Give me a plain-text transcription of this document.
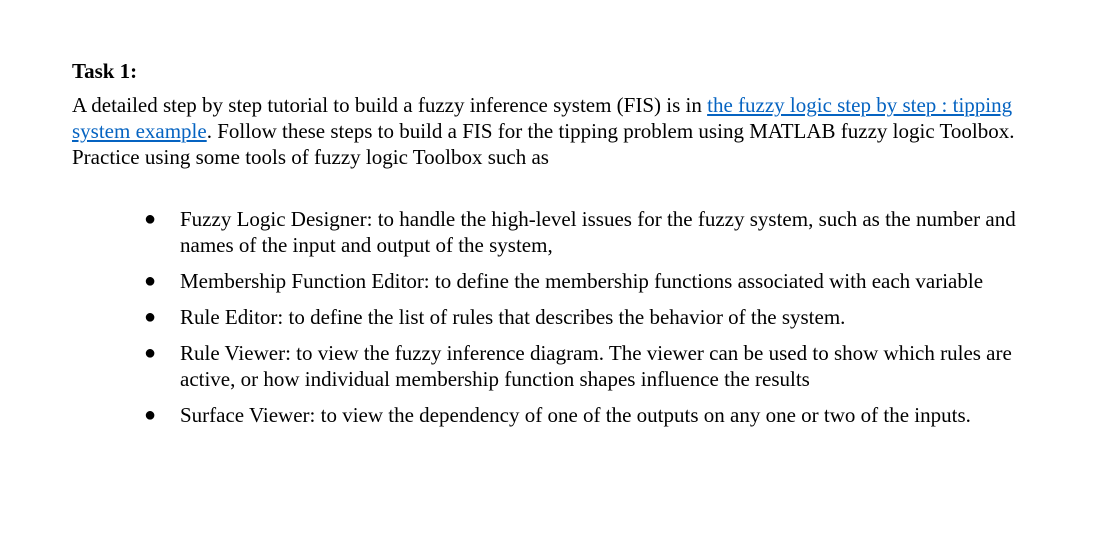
Task 1:

A detailed step by step tutorial to build a fuzzy inference system (FIS) is in the fuzzy logic step by step : tipping system example. Follow these steps to build a FIS for the tipping problem using MATLAB fuzzy logic Toolbox. Practice using some tools of fuzzy logic Toolbox such as

● Fuzzy Logic Designer: to handle the high-level issues for the fuzzy system, such as the number and names of the input and output of the system,
● Membership Function Editor: to define the membership functions associated with each variable
● Rule Editor: to define the list of rules that describes the behavior of the system.
● Rule Viewer: to view the fuzzy inference diagram. The viewer can be used to show which rules are active, or how individual membership function shapes influence the results
● Surface Viewer: to view the dependency of one of the outputs on any one or two of the inputs.
